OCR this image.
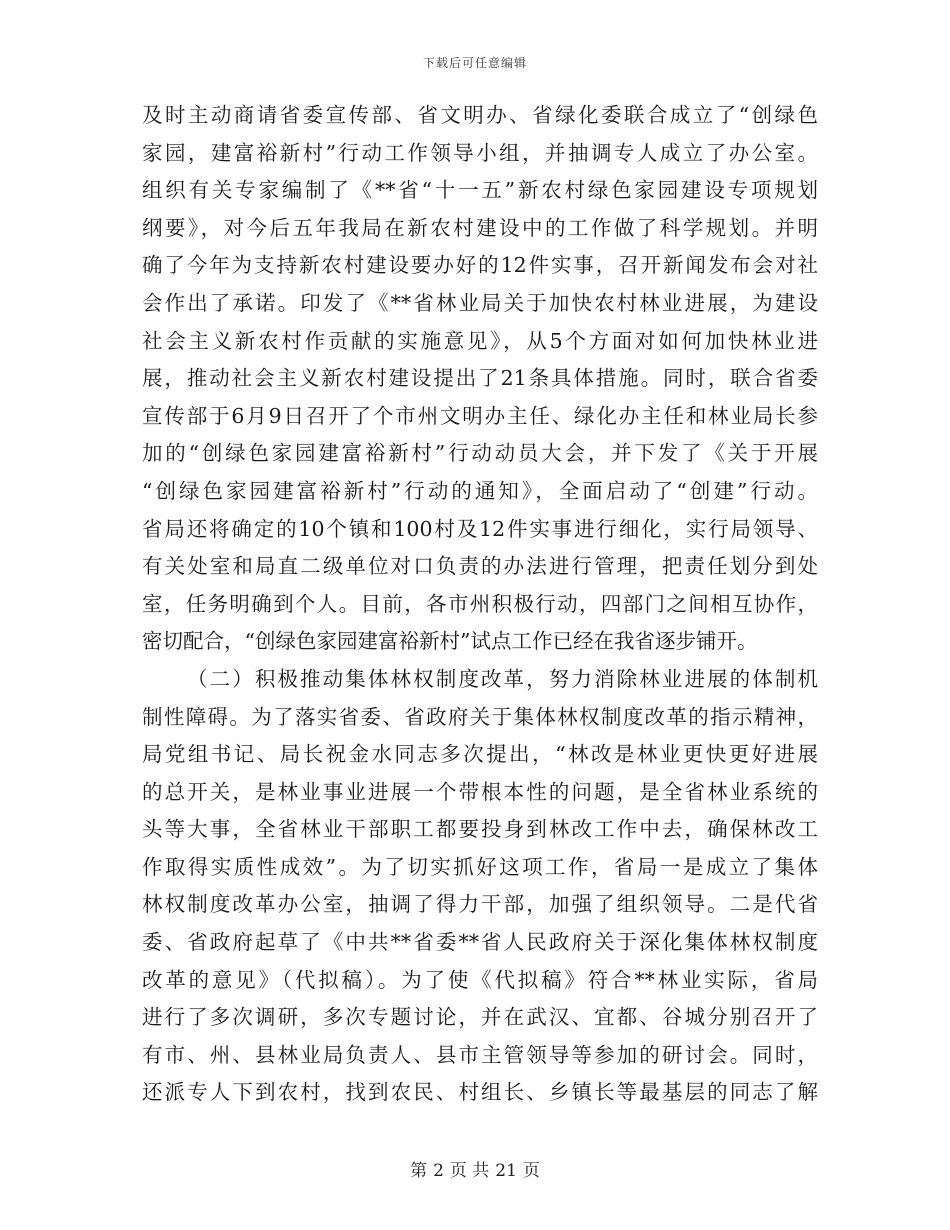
下载后可任意编辑
及时主动商请省委宣传部、省文明办、省绿化委联合成立了“创绿色
家园，建富裕新村”行动工作领导小组，并抽调专人成立了办公室。
组织有关专家编制了《**省“十一五”新农村绿色家园建设专项规划
纲要》，对今后五年我局在新农村建设中的工作做了科学规划。并明
确了今年为支持新农村建设要办好的12件实事，召开新闻发布会对社
会作出了承诺。印发了《**省林业局关于加快农村林业进展，为建设
社会主义新农村作贡献的实施意见》，从5个方面对如何加快林业进
展，推动社会主义新农村建设提出了21条具体措施。同时，联合省委
宣传部于6月9日召开了个市州文明办主任、绿化办主任和林业局长参
加的“创绿色家园建富裕新村”行动动员大会，并下发了《关于开展
“创绿色家园建富裕新村”行动的通知》，全面启动了“创建”行动。
省局还将确定的10个镇和100村及12件实事进行细化，实行局领导、
有关处室和局直二级单位对口负责的办法进行管理，把责任划分到处
室，任务明确到个人。目前，各市州积极行动，四部门之间相互协作，
密切配合，“创绿色家园建富裕新村”试点工作已经在我省逐步铺开。
（二）积极推动集体林权制度改革，努力消除林业进展的体制机
制性障碍。为了落实省委、省政府关于集体林权制度改革的指示精神，
局党组书记、局长祝金水同志多次提出，“林改是林业更快更好进展
的总开关，是林业事业进展一个带根本性的问题，是全省林业系统的
头等大事，全省林业干部职工都要投身到林改工作中去，确保林改工
作取得实质性成效”。为了切实抓好这项工作，省局一是成立了集体
林权制度改革办公室，抽调了得力干部，加强了组织领导。二是代省
委、省政府起草了《中共**省委**省人民政府关于深化集体林权制度
改革的意见》（代拟稿）。为了使《代拟稿》符合**林业实际，省局
进行了多次调研，多次专题讨论，并在武汉、宜都、谷城分别召开了
有市、州、县林业局负责人、县市主管领导等参加的研讨会。同时，
还派专人下到农村，找到农民、村组长、乡镇长等最基层的同志了解
第 2 页 共 21 页
